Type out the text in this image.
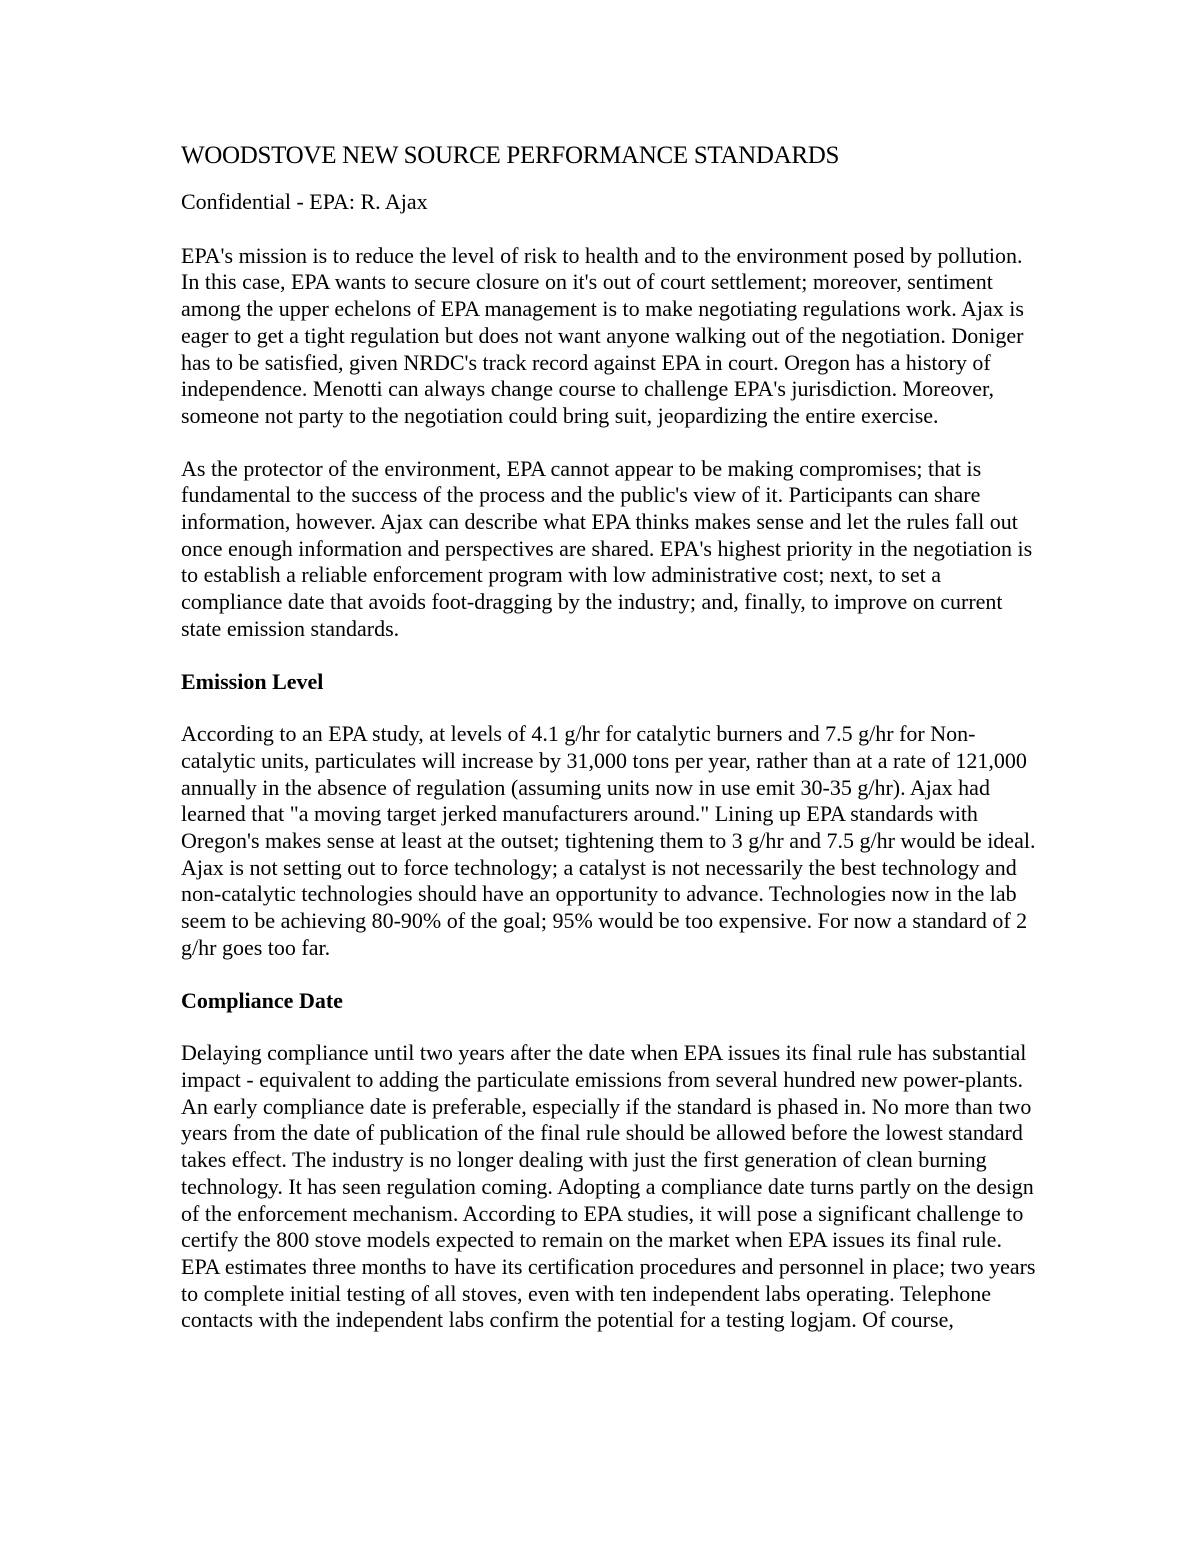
WOODSTOVE NEW SOURCE PERFORMANCE STANDARDS
Confidential - EPA: R. Ajax

EPA's mission is to reduce the level of risk to health and to the environment posed by pollution. In this case, EPA wants to secure closure on it's out of court settlement; moreover, sentiment among the upper echelons of EPA management is to make negotiating regulations work. Ajax is eager to get a tight regulation but does not want anyone walking out of the negotiation. Doniger has to be satisfied, given NRDC's track record against EPA in court. Oregon has a history of independence. Menotti can always change course to challenge EPA's jurisdiction. Moreover, someone not party to the negotiation could bring suit, jeopardizing the entire exercise.

As the protector of the environment, EPA cannot appear to be making compromises; that is fundamental to the success of the process and the public's view of it. Participants can share information, however. Ajax can describe what EPA thinks makes sense and let the rules fall out once enough information and perspectives are shared. EPA's highest priority in the negotiation is to establish a reliable enforcement program with low administrative cost; next, to set a compliance date that avoids foot-dragging by the industry; and, finally, to improve on current state emission standards.

Emission Level

According to an EPA study, at levels of 4.1 g/hr for catalytic burners and 7.5 g/hr for Non-catalytic units, particulates will increase by 31,000 tons per year, rather than at a rate of 121,000 annually in the absence of regulation (assuming units now in use emit 30-35 g/hr). Ajax had learned that "a moving target jerked manufacturers around." Lining up EPA standards with Oregon's makes sense at least at the outset; tightening them to 3 g/hr and 7.5 g/hr would be ideal. Ajax is not setting out to force technology; a catalyst is not necessarily the best technology and non-catalytic technologies should have an opportunity to advance. Technologies now in the lab seem to be achieving 80-90% of the goal; 95% would be too expensive. For now a standard of 2 g/hr goes too far.

Compliance Date

Delaying compliance until two years after the date when EPA issues its final rule has substantial impact - equivalent to adding the particulate emissions from several hundred new power-plants. An early compliance date is preferable, especially if the standard is phased in. No more than two years from the date of publication of the final rule should be allowed before the lowest standard takes effect. The industry is no longer dealing with just the first generation of clean burning technology. It has seen regulation coming. Adopting a compliance date turns partly on the design of the enforcement mechanism. According to EPA studies, it will pose a significant challenge to certify the 800 stove models expected to remain on the market when EPA issues its final rule. EPA estimates three months to have its certification procedures and personnel in place; two years to complete initial testing of all stoves, even with ten independent labs operating. Telephone contacts with the independent labs confirm the potential for a testing logjam. Of course,
